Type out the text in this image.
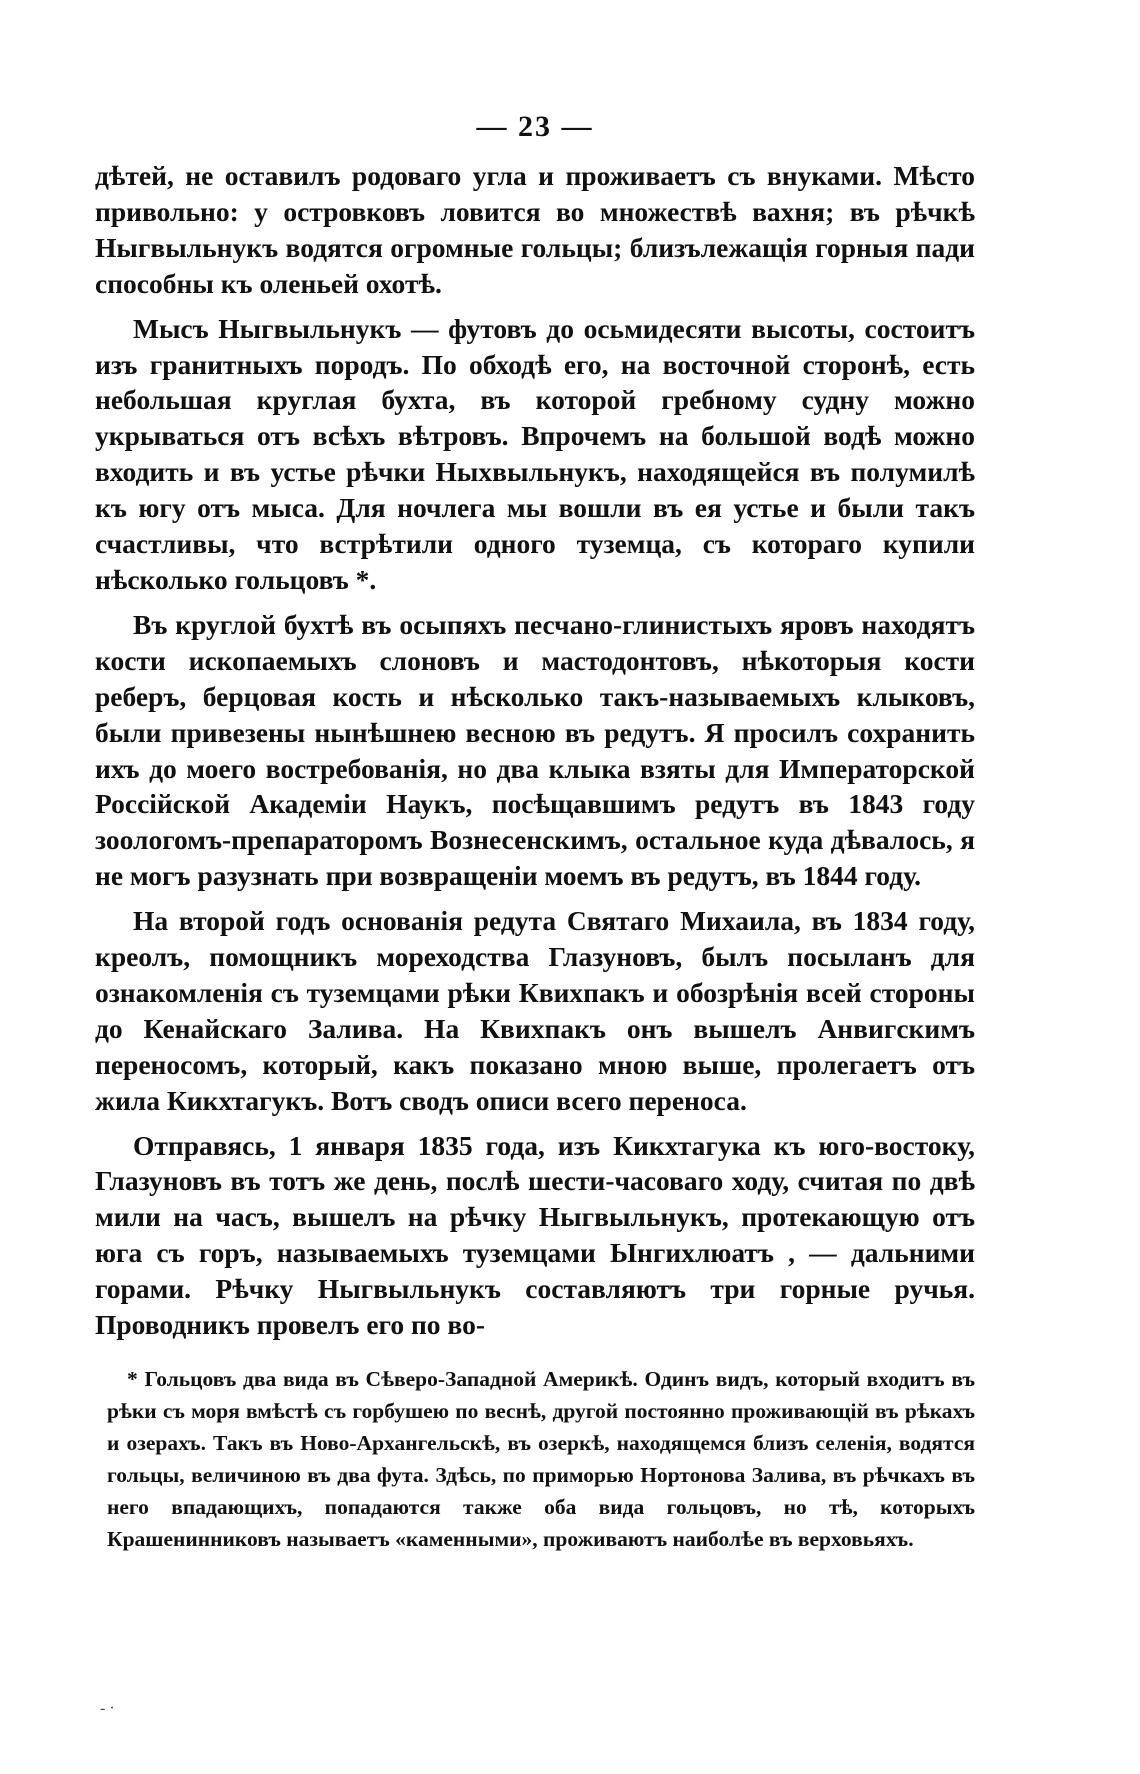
— 23 —

дѣтей, не оставилъ родоваго угла и проживаетъ съ внуками. Мѣсто привольно: у островковъ ловится во множествѣ вахня; въ рѣчкѣ Ныгвыльнукъ водятся огромные гольцы; близълежащія горныя пади способны къ оленьей охотѣ.

Мысъ Ныгвыльнукъ — футовъ до осьмидесяти высоты, состоитъ изъ гранитныхъ породъ. По обходѣ его, на восточной сторонѣ, есть небольшая круглая бухта, въ которой гребному судну можно укрываться отъ всѣхъ вѣтровъ. Впрочемъ на большой водѣ можно входить и въ устье рѣчки Ныхвыльнукъ, находящейся въ полумилѣ къ югу отъ мыса. Для ночлега мы вошли въ ея устье и были такъ счастливы, что встрѣтили одного туземца, съ котораго купили нѣсколько гольцовъ *.

Въ круглой бухтѣ въ осыпяхъ песчано-глинистыхъ яровъ находятъ кости ископаемыхъ слоновъ и мастодонтовъ, нѣкоторыя кости реберъ, берцовая кость и нѣсколько такъ-называемыхъ клыковъ, были привезены нынѣшнею весною въ редутъ. Я просилъ сохранить ихъ до моего востребованія, но два клыка взяты для Императорской Россійской Академіи Наукъ, посѣщавшимъ редутъ въ 1843 году зоологомъ-препараторомъ Вознесенскимъ, остальное куда дѣвалось, я не могъ разузнать при возвращеніи моемъ въ редутъ, въ 1844 году.

На второй годъ основанія редута Святаго Михаила, въ 1834 году, креолъ, помощникъ мореходства Глазуновъ, былъ посыланъ для ознакомленія съ туземцами рѣки Квихпакъ и обозрѣнія всей стороны до Кенайскаго Залива. На Квихпакъ онъ вышелъ Анвигскимъ переносомъ, который, какъ показано мною выше, пролегаетъ отъ жила Кикхтагукъ. Вотъ сводъ описи всего переноса.

Отправясь, 1 января 1835 года, изъ Кикхтагука къ юго-востоку, Глазуновъ въ тотъ же день, послѣ шести-часоваго ходу, считая по двѣ мили на часъ, вышелъ на рѣчку Ныгвыльнукъ, протекающую отъ юга съ горъ, называемыхъ туземцами Ынгихлюатъ , — дальними горами. Рѣчку Ныгвыльнукъ составляютъ три горные ручья. Проводникъ провелъ его по во-

* Гольцовъ два вида въ Сѣверо-Западной Америкѣ. Одинъ видъ, который входитъ въ рѣки съ моря вмѣстѣ съ горбушею по веснѣ, другой постоянно проживающій въ рѣкахъ и озерахъ. Такъ въ Ново-Архангельскѣ, въ озеркѣ, находящемся близъ селенія, водятся гольцы, величиною въ два фута. Здѣсь, по приморью Нортонова Залива, въ рѣчкахъ въ него впадающихъ, попадаются также оба вида гольцовъ, но тѣ, которыхъ Крашенинниковъ называетъ «каменными», проживаютъ наиболѣе въ верховьяхъ.
- ·
